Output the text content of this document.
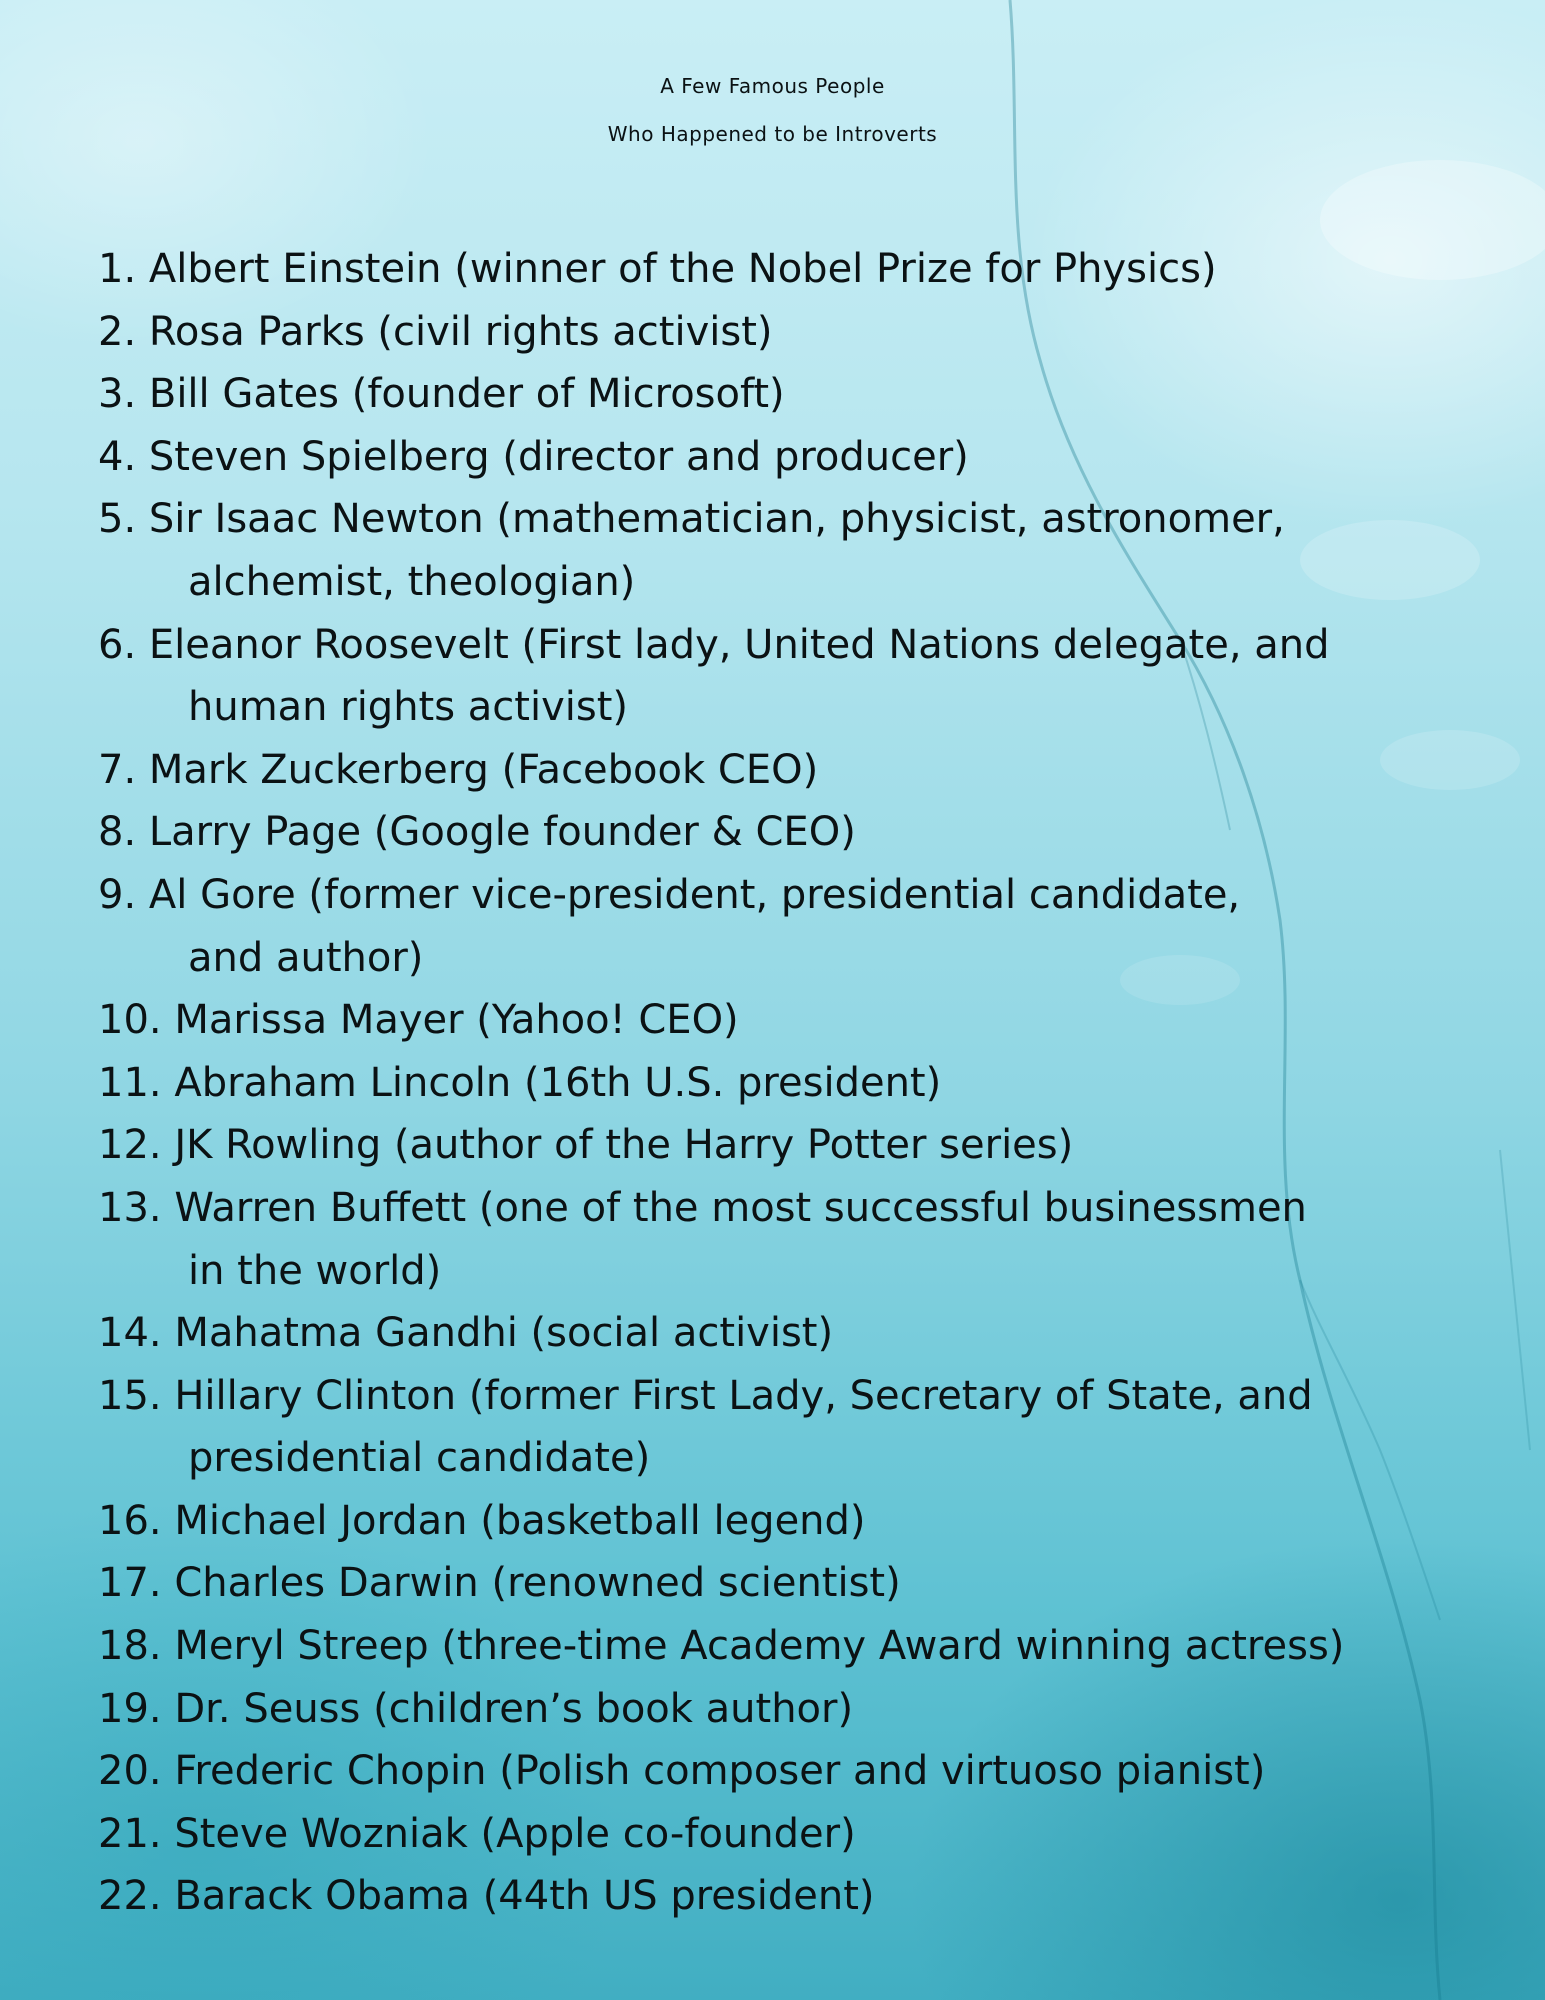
A Few Famous People
Who Happened to be Introverts
1. Albert Einstein (winner of the Nobel Prize for Physics)
2. Rosa Parks (civil rights activist)
3. Bill Gates (founder of Microsoft)
4. Steven Spielberg (director and producer)
5. Sir Isaac Newton (mathematician, physicist, astronomer,
alchemist, theologian)
6. Eleanor Roosevelt (First lady, United Nations delegate, and
human rights activist)
7. Mark Zuckerberg (Facebook CEO)
8. Larry Page (Google founder & CEO)
9. Al Gore (former vice-president, presidential candidate,
and author)
10. Marissa Mayer (Yahoo! CEO)
11. Abraham Lincoln (16th U.S. president)
12. JK Rowling (author of the Harry Potter series)
13. Warren Buffett (one of the most successful businessmen
in the world)
14. Mahatma Gandhi (social activist)
15. Hillary Clinton (former First Lady, Secretary of State, and
presidential candidate)
16. Michael Jordan (basketball legend)
17. Charles Darwin (renowned scientist)
18. Meryl Streep (three-time Academy Award winning actress)
19. Dr. Seuss (children’s book author)
20. Frederic Chopin (Polish composer and virtuoso pianist)
21. Steve Wozniak (Apple co-founder)
22. Barack Obama (44th US president)
